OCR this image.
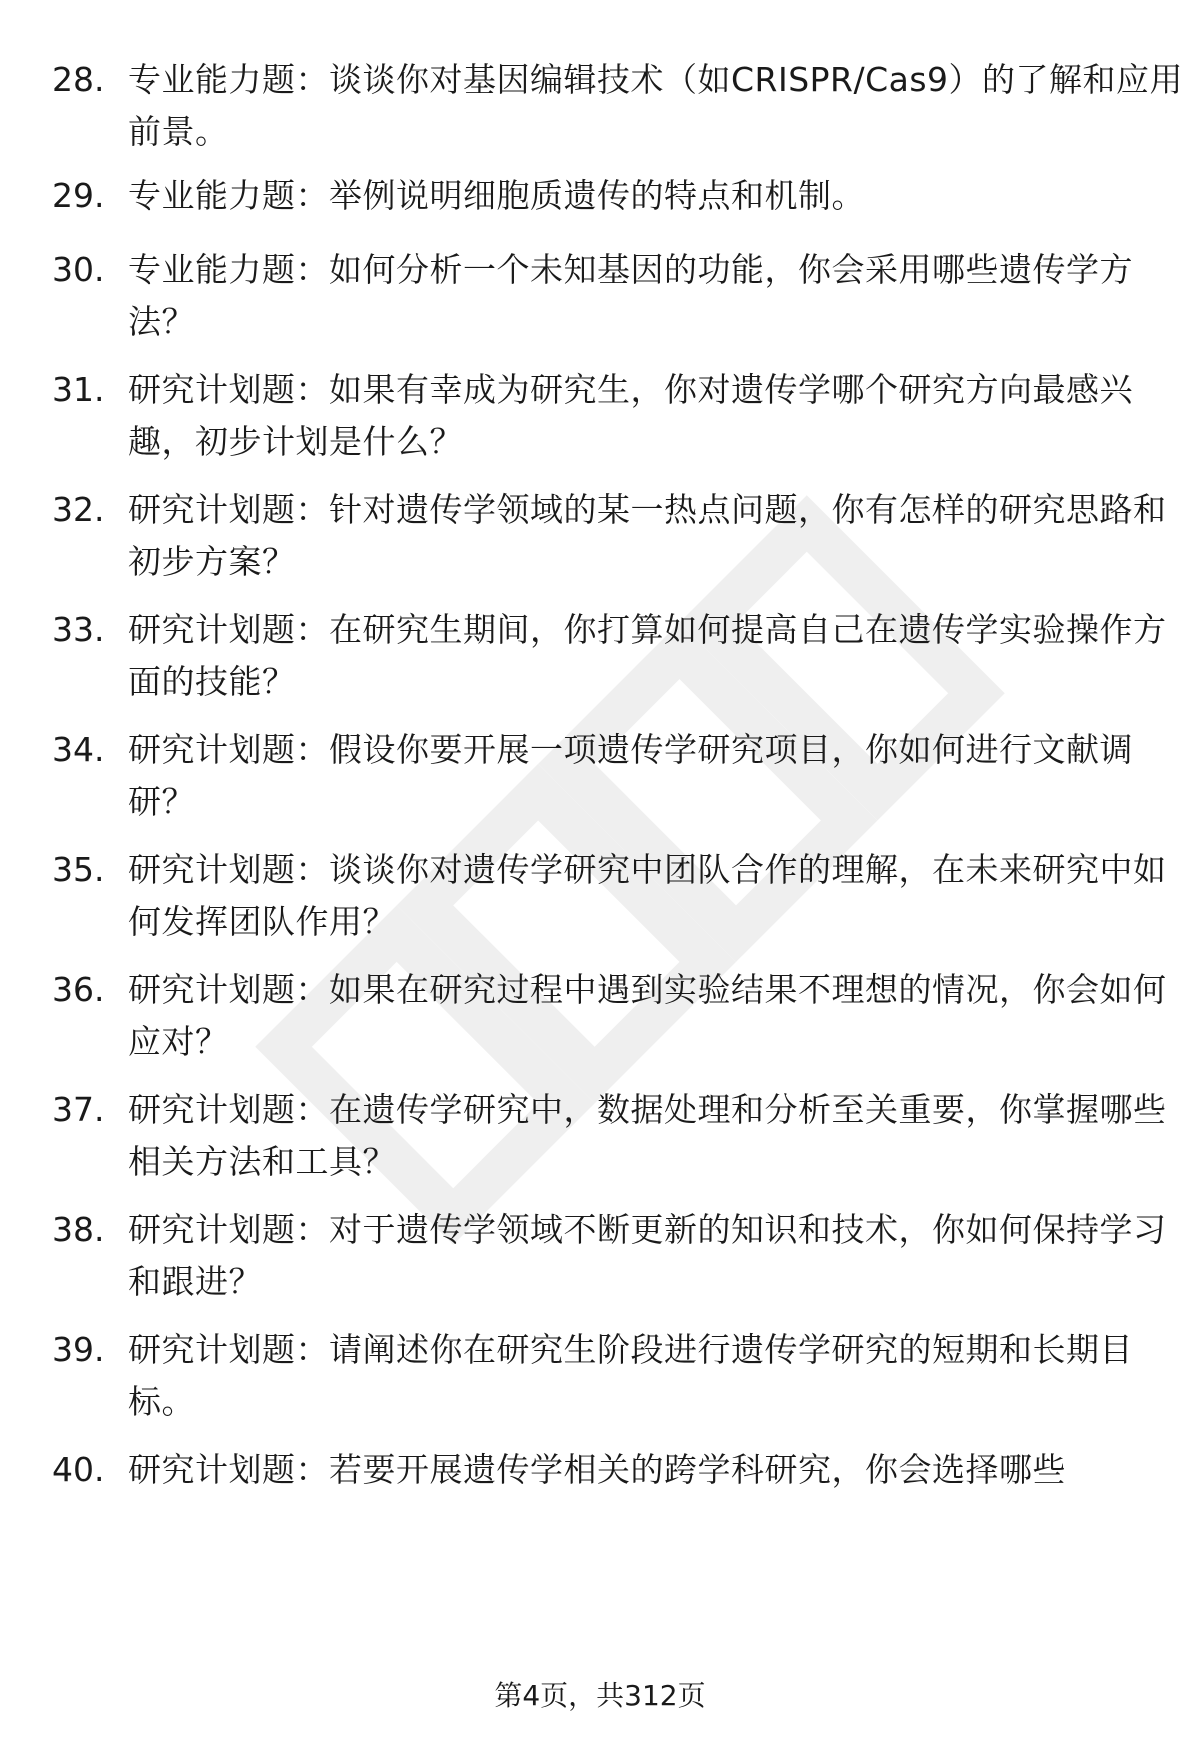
28. 专业能力题：谈谈你对基因编辑技术（如CRISPR/Cas9）的了解和应用前景。
29. 专业能力题：举例说明细胞质遗传的特点和机制。
30. 专业能力题：如何分析一个未知基因的功能，你会采用哪些遗传学方法？
31. 研究计划题：如果有幸成为研究生，你对遗传学哪个研究方向最感兴趣，初步计划是什么？
32. 研究计划题：针对遗传学领域的某一热点问题，你有怎样的研究思路和初步方案？
33. 研究计划题：在研究生期间，你打算如何提高自己在遗传学实验操作方面的技能？
34. 研究计划题：假设你要开展一项遗传学研究项目，你如何进行文献调研？
35. 研究计划题：谈谈你对遗传学研究中团队合作的理解，在未来研究中如何发挥团队作用？
36. 研究计划题：如果在研究过程中遇到实验结果不理想的情况，你会如何应对？
37. 研究计划题：在遗传学研究中，数据处理和分析至关重要，你掌握哪些相关方法和工具？
38. 研究计划题：对于遗传学领域不断更新的知识和技术，你如何保持学习和跟进？
39. 研究计划题：请阐述你在研究生阶段进行遗传学研究的短期和长期目标。
40. 研究计划题：若要开展遗传学相关的跨学科研究，你会选择哪些
第4页，共312页
